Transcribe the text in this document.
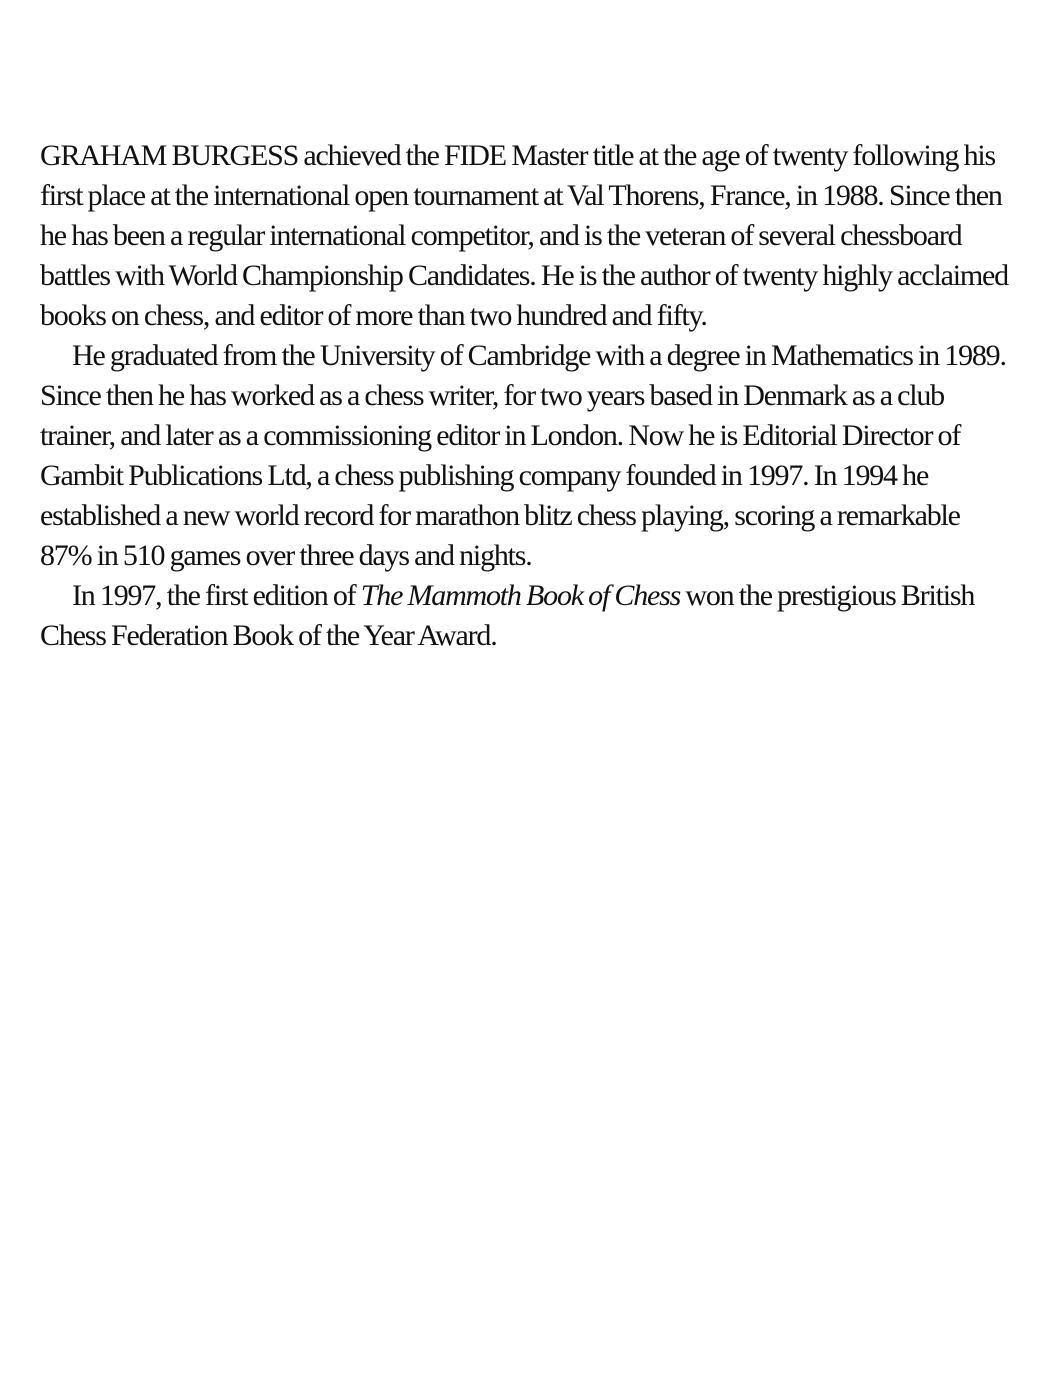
GRAHAM BURGESS achieved the FIDE Master title at the age of twenty following his first place at the international open tournament at Val Thorens, France, in 1988. Since then he has been a regular international competitor, and is the veteran of several chessboard battles with World Championship Candidates. He is the author of twenty highly acclaimed books on chess, and editor of more than two hundred and fifty.

He graduated from the University of Cambridge with a degree in Mathematics in 1989. Since then he has worked as a chess writer, for two years based in Denmark as a club trainer, and later as a commissioning editor in London. Now he is Editorial Director of Gambit Publications Ltd, a chess publishing company founded in 1997. In 1994 he established a new world record for marathon blitz chess playing, scoring a remarkable 87% in 510 games over three days and nights.

In 1997, the first edition of The Mammoth Book of Chess won the prestigious British Chess Federation Book of the Year Award.
